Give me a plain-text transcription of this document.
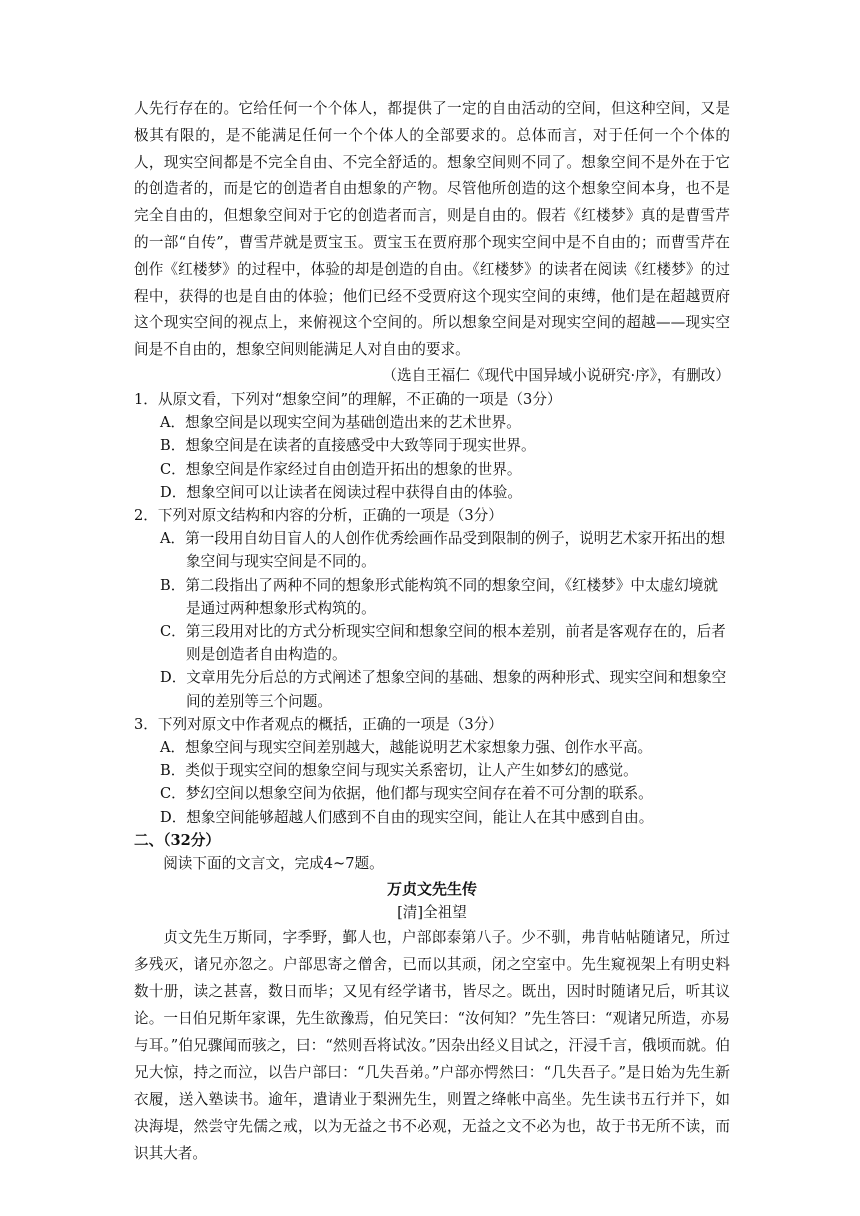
人先行存在的。它给任何一个个体人，都提供了一定的自由活动的空间，但这种空间，又是极其有限的，是不能满足任何一个个体人的全部要求的。总体而言，对于任何一个个体的人，现实空间都是不完全自由、不完全舒适的。想象空间则不同了。想象空间不是外在于它的创造者的，而是它的创造者自由想象的产物。尽管他所创造的这个想象空间本身，也不是完全自由的，但想象空间对于它的创造者而言，则是自由的。假若《红楼梦》真的是曹雪芹的一部“自传”，曹雪芹就是贾宝玉。贾宝玉在贾府那个现实空间中是不自由的；而曹雪芹在创作《红楼梦》的过程中，体验的却是创造的自由。《红楼梦》的读者在阅读《红楼梦》的过程中，获得的也是自由的体验；他们已经不受贾府这个现实空间的束缚，他们是在超越贾府这个现实空间的视点上，来俯视这个空间的。所以想象空间是对现实空间的超越——现实空间是不自由的，想象空间则能满足人对自由的要求。

（选自王福仁《现代中国异域小说研究·序》，有删改）

1．从原文看，下列对“想象空间”的理解，不正确的一项是（3分）

A．想象空间是以现实空间为基础创造出来的艺术世界。

B．想象空间是在读者的直接感受中大致等同于现实世界。

C．想象空间是作家经过自由创造开拓出的想象的世界。

D．想象空间可以让读者在阅读过程中获得自由的体验。

2．下列对原文结构和内容的分析，正确的一项是（3分）

A．第一段用自幼目盲人的人创作优秀绘画作品受到限制的例子，说明艺术家开拓出的想象空间与现实空间是不同的。

B．第二段指出了两种不同的想象形式能构筑不同的想象空间，《红楼梦》中太虚幻境就是通过两种想象形式构筑的。

C．第三段用对比的方式分析现实空间和想象空间的根本差别，前者是客观存在的，后者则是创造者自由构造的。

D．文章用先分后总的方式阐述了想象空间的基础、想象的两种形式、现实空间和想象空间的差别等三个问题。

3．下列对原文中作者观点的概括，正确的一项是（3分）

A．想象空间与现实空间差别越大，越能说明艺术家想象力强、创作水平高。

B．类似于现实空间的想象空间与现实关系密切，让人产生如梦幻的感觉。

C．梦幻空间以想象空间为依据，他们都与现实空间存在着不可分割的联系。

D．想象空间能够超越人们感到不自由的现实空间，能让人在其中感到自由。

二、（32分）

阅读下面的文言文，完成4~7题。

万贞文先生传

[清]全祖望

贞文先生万斯同，字季野，鄞人也，户部郎泰第八子。少不驯，弗肯帖帖随诸兄，所过多残灭，诸兄亦忽之。户部思寄之僧舍，已而以其顽，闭之空室中。先生窥视架上有明史料数十册，读之甚喜，数日而毕；又见有经学诸书，皆尽之。既出，因时时随诸兄后，听其议论。一日伯兄斯年家课，先生欲豫焉，伯兄笑曰：“汝何知？”先生答曰：“观诸兄所造，亦易与耳。”伯兄骤闻而骇之，曰：“然则吾将试汝。”因杂出经义目试之，汗浸千言，俄顷而就。伯兄大惊，持之而泣，以告户部曰：“几失吾弟。”户部亦愕然曰：“几失吾子。”是日始为先生新衣履，送入塾读书。逾年，遣请业于梨洲先生，则置之绛帐中高坐。先生读书五行并下，如决海堤，然尝守先儒之戒，以为无益之书不必观，无益之文不必为也，故于书无所不读，而识其大者。
